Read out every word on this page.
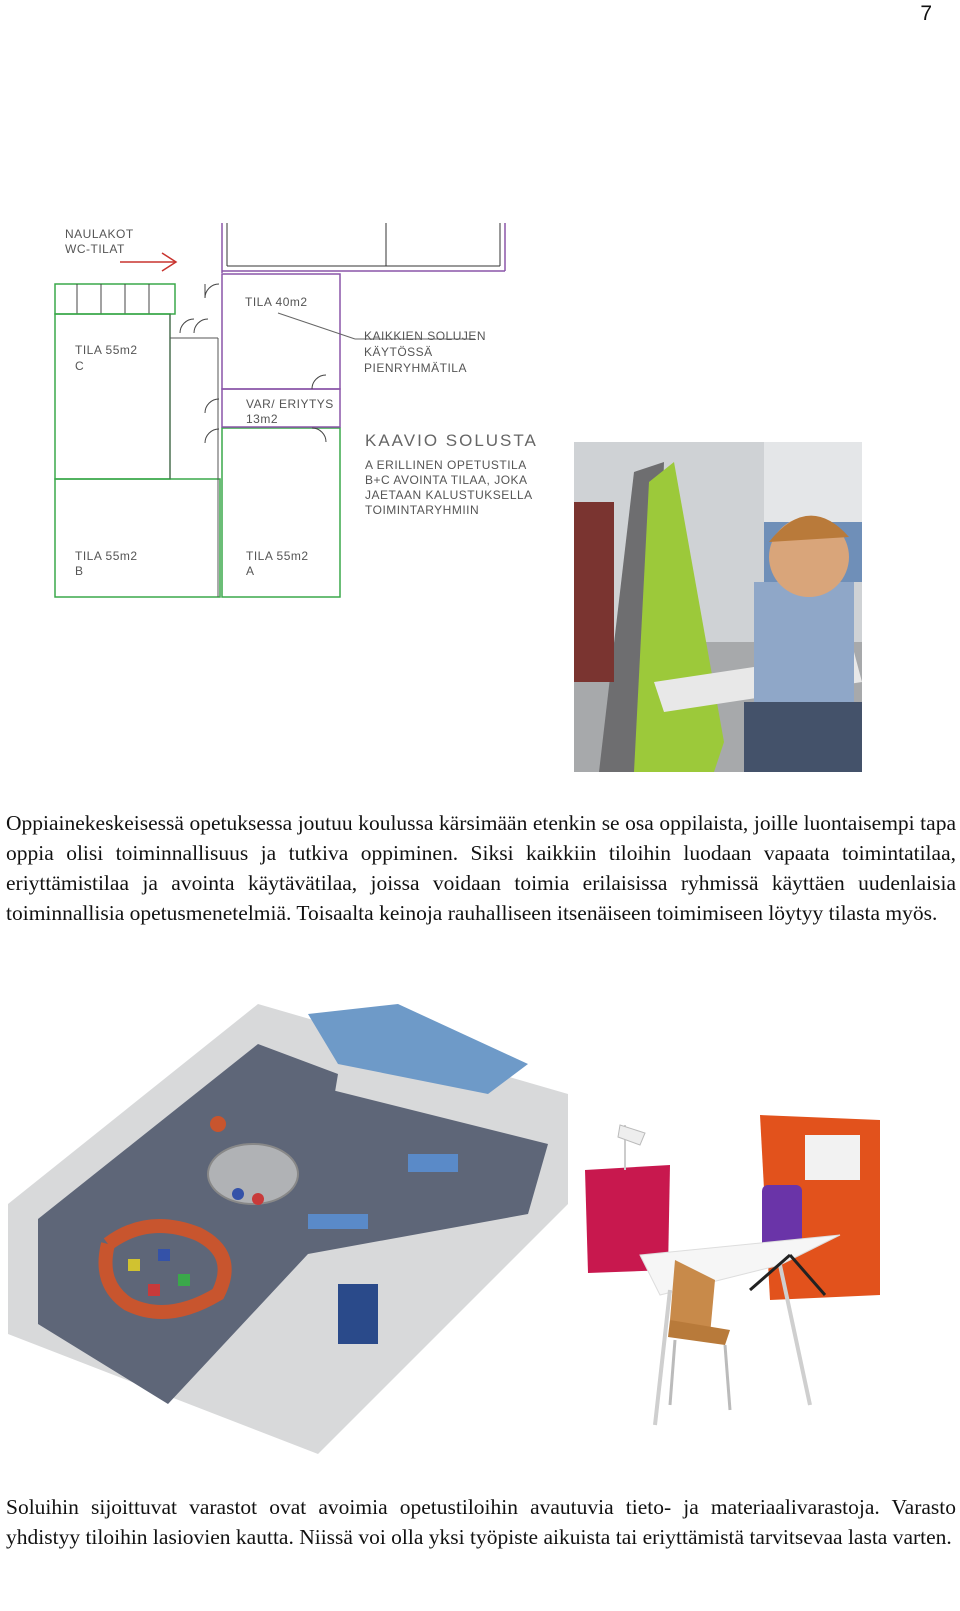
7
NAULAKOT
WC-TILAT
TILA 40m2
TILA 55m2
C
KAIKKIEN SOLUJEN
KÄYTÖSSÄ
PIENRYHMÄTILA
VAR/ ERIYTYS
13m2
TILA 55m2
B
TILA 55m2
A
KAAVIO SOLUSTA
A ERILLINEN OPETUSTILA
B+C AVOINTA TILAA, JOKA
JAETAAN KALUSTUKSELLA
TOIMINTARYHMIIN
Oppiainekeskeisessä opetuksessa joutuu koulussa kärsimään etenkin se osa oppilaista, joille luontaisempi tapa oppia olisi toiminnallisuus ja tutkiva oppiminen. Siksi kaikkiin tiloihin luodaan vapaata toimintatilaa, eriyttämistilaa ja avointa käytävätilaa, joissa voidaan toimia erilaisissa ryhmissä käyttäen uudenlaisia toiminnallisia opetusmenetelmiä. Toisaalta keinoja rauhalliseen itsenäiseen toimimiseen löytyy tilasta myös.
Soluihin sijoittuvat varastot ovat avoimia opetustiloihin avautuvia tieto- ja materiaalivarastoja. Varasto yhdistyy tiloihin lasiovien kautta. Niissä voi olla yksi työpiste aikuista tai eriyttämistä tarvitsevaa lasta varten.
